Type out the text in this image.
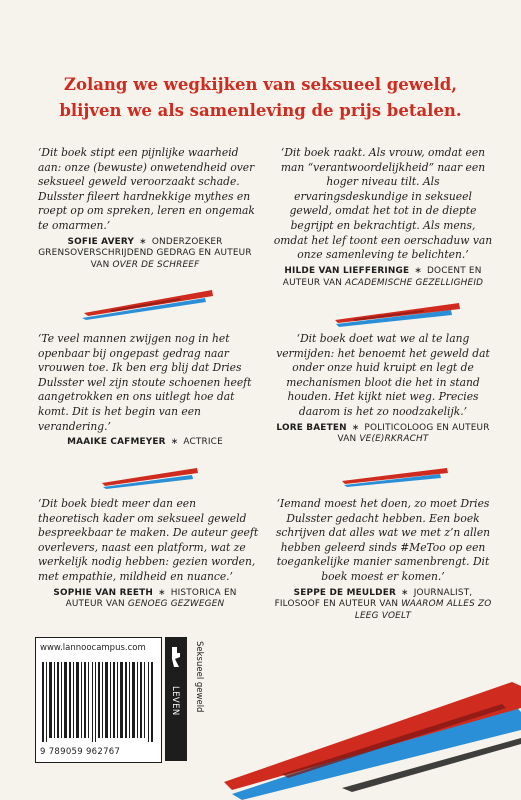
Zolang we wegkijken van seksueel geweld,
blijven we als samenleving de prijs betalen.
‘Dit boek stipt een pijnlijke waarheid aan: onze (bewuste) onwetendheid over seksueel geweld veroorzaakt schade. Dulsster fileert hardnekkige mythes en roept op om spreken, leren en ongemak te omarmen.’
SOFIE AVERY ∗ ONDERZOEKER GRENSOVERSCHRIJDEND GEDRAG EN AUTEUR VAN OVER DE SCHREEF
‘Dit boek raakt. Als vrouw, omdat een man “verantwoordelijkheid” naar een hoger niveau tilt. Als ervaringsdeskundige in seksueel geweld, omdat het tot in de diepte begrijpt en bekrachtigt. Als mens, omdat het lef toont een oerschaduw van onze samenleving te belichten.’
HILDE VAN LIEFFERINGE ∗ DOCENT EN AUTEUR VAN ACADEMISCHE GEZELLIGHEID
‘Te veel mannen zwijgen nog in het openbaar bij ongepast gedrag naar vrouwen toe. Ik ben erg blij dat Dries Dulsster wel zijn stoute schoenen heeft aangetrokken en ons uitlegt hoe dat komt. Dit is het begin van een verandering.’
MAAIKE CAFMEYER ∗ ACTRICE
‘Dit boek doet wat we al te lang vermijden: het benoemt het geweld dat onder onze huid kruipt en legt de mechanismen bloot die het in stand houden. Het kijkt niet weg. Precies daarom is het zo noodzakelijk.’
LORE BAETEN ∗ POLITICOLOOG EN AUTEUR VAN VE(E)RKRACHT
‘Dit boek biedt meer dan een theoretisch kader om seksueel geweld bespreekbaar te maken. De auteur geeft overlevers, naast een platform, wat ze werkelijk nodig hebben: gezien worden, met empathie, mildheid en nuance.’
SOPHIE VAN REETH ∗ HISTORICA EN AUTEUR VAN GENOEG GEZWEGEN
‘Iemand moest het doen, zo moet Dries Dulsster gedacht hebben. Een boek schrijven dat alles wat we met z’n allen hebben geleerd sinds #MeToo op een toegankelijke manier samenbrengt. Dit boek moest er komen.’
SEPPE DE MEULDER ∗ JOURNALIST, FILOSOOF EN AUTEUR VAN WAAROM ALLES ZO LEEG VOELT
www.lannoocampus.com
9 789059 962767
LEVEN Seksueel geweld
